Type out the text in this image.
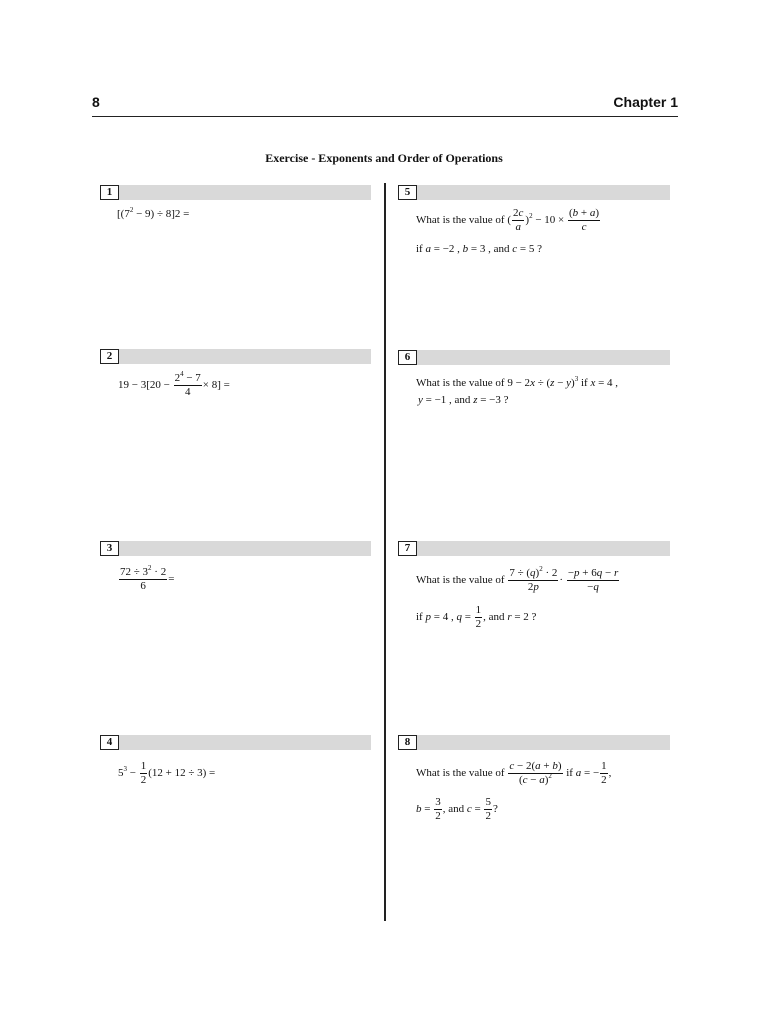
8	Chapter 1
Exercise - Exponents and Order of Operations
1
2
3
4
5
6
7
8
$[(7^2 - 9) \div 8]2$ =
$19 - 3[20 - \frac{2^4 - 7}{4} \times 8]$ =
$\frac{72 \div 3^2 \cdot 2}{6}$ =
$5^3 - \frac{1}{2} (12 + 12 \div 3)$ =
What is the value of ( $\frac{2c}{a} )^2 - 10 \times \frac{(b + a)}{c}$
if a = −2 , b = 3 , and c = 5 ?
What is the value of $9 - 2x \div (z - y)^3$ if x = 4 ,
y = −1 , and z = −3 ?
What is the value of $\frac{7 \div (q)^2 \cdot 2}{2p} \cdot \frac{-p + 6q - r}{-q}$
if p = 4 , $q = \frac{1}{2}$ , and r = 2 ?
What is the value of $\frac{c - 2(a + b)}{(c - a)^2}$ if a = − $\frac{1}{2}$ ,
$b = \frac{3}{2}$ , and $c = \frac{5}{2}$ ?
